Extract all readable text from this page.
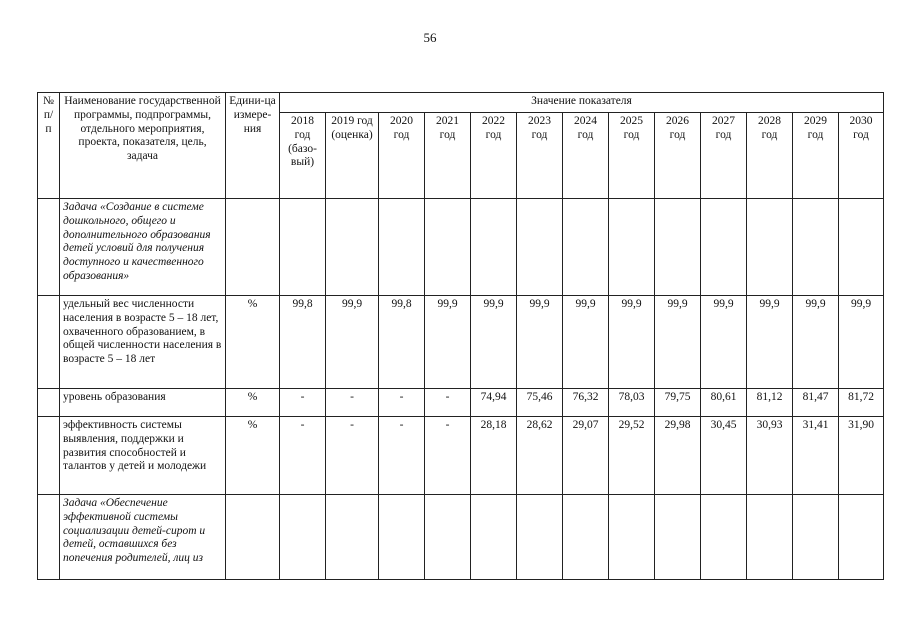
56
№ п/п	Наименование государственной программы, подпрограммы, отдельного мероприятия, проекта, показателя, цель, задача	Едини-ца измере-ния	Значение показателя												
			2018 год (базо-вый)	2019 год (оценка)	2020 год	2021 год	2022 год	2023 год	2024 год	2025 год	2026 год	2027 год	2028 год	2029 год	2030 год
	Задача «Создание в системе дошкольного, общего и дополнительного образования детей условий для получения доступного и качественного образования»														
	удельный вес численности населения в возрасте 5 – 18 лет, охваченного образованием, в общей численности населения в возрасте 5 – 18 лет	%	99,8	99,9	99,8	99,9	99,9	99,9	99,9	99,9	99,9	99,9	99,9	99,9	99,9
	уровень образования	%	-	-	-	-	74,94	75,46	76,32	78,03	79,75	80,61	81,12	81,47	81,72
	эффективность системы выявления, поддержки и развития способностей и талантов у детей и молодежи	%	-	-	-	-	28,18	28,62	29,07	29,52	29,98	30,45	30,93	31,41	31,90
	Задача «Обеспечение эффективной системы социализации детей-сирот и детей, оставшихся без попечения родителей, лиц из														
